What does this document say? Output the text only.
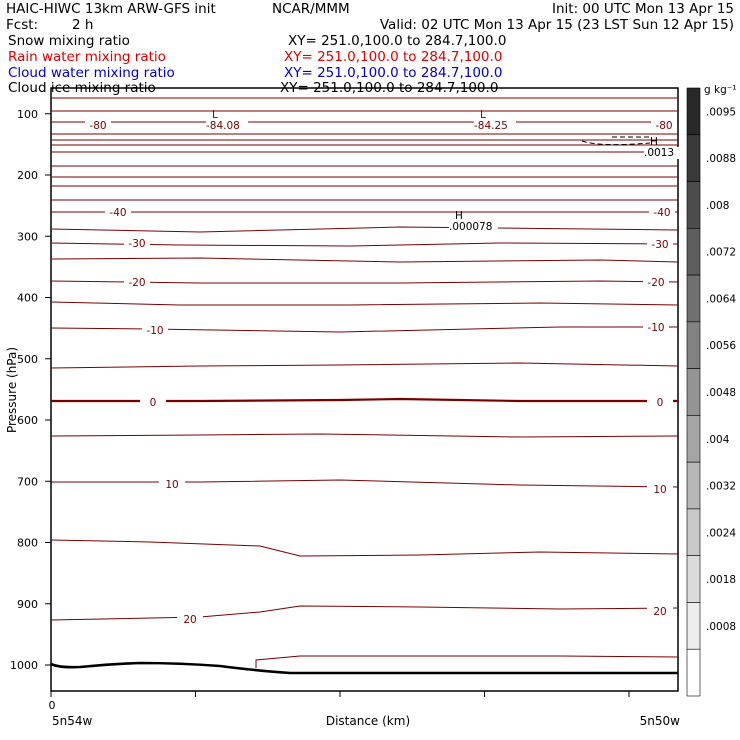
HAIC-HIWC 13km ARW-GFS init	NCAR/MMM	Init: 00 UTC Mon 13 Apr 15
Fcst:	2 h	Valid: 02 UTC Mon 13 Apr 15 (23 LST Sun 12 Apr 15)
Snow mixing ratio	XY= 251.0,100.0 to 284.7,100.0
Rain water mixing ratio	XY= 251.0,100.0 to 284.7,100.0
Cloud water mixing ratio	XY= 251.0,100.0 to 284.7,100.0
Cloud ice mixing ratio	XY= 251.0,100.0 to 284.7,100.0
-80	-80
-40	-40
-30	-30
-20	-20
-10	-10
0	0
10	10
20
20
L
-84.08
L
-84.25
H
.0013
H
.000078
100
200
300
400
500
600
700
800
900
1000
Pressure (hPa)
Distance (km)
0
5n54w	5n50w
.0095
.0088
.008
.0072
.0064
.0056
.0048
.004
.0032
.0024
.0018
.0008
g kg⁻¹
